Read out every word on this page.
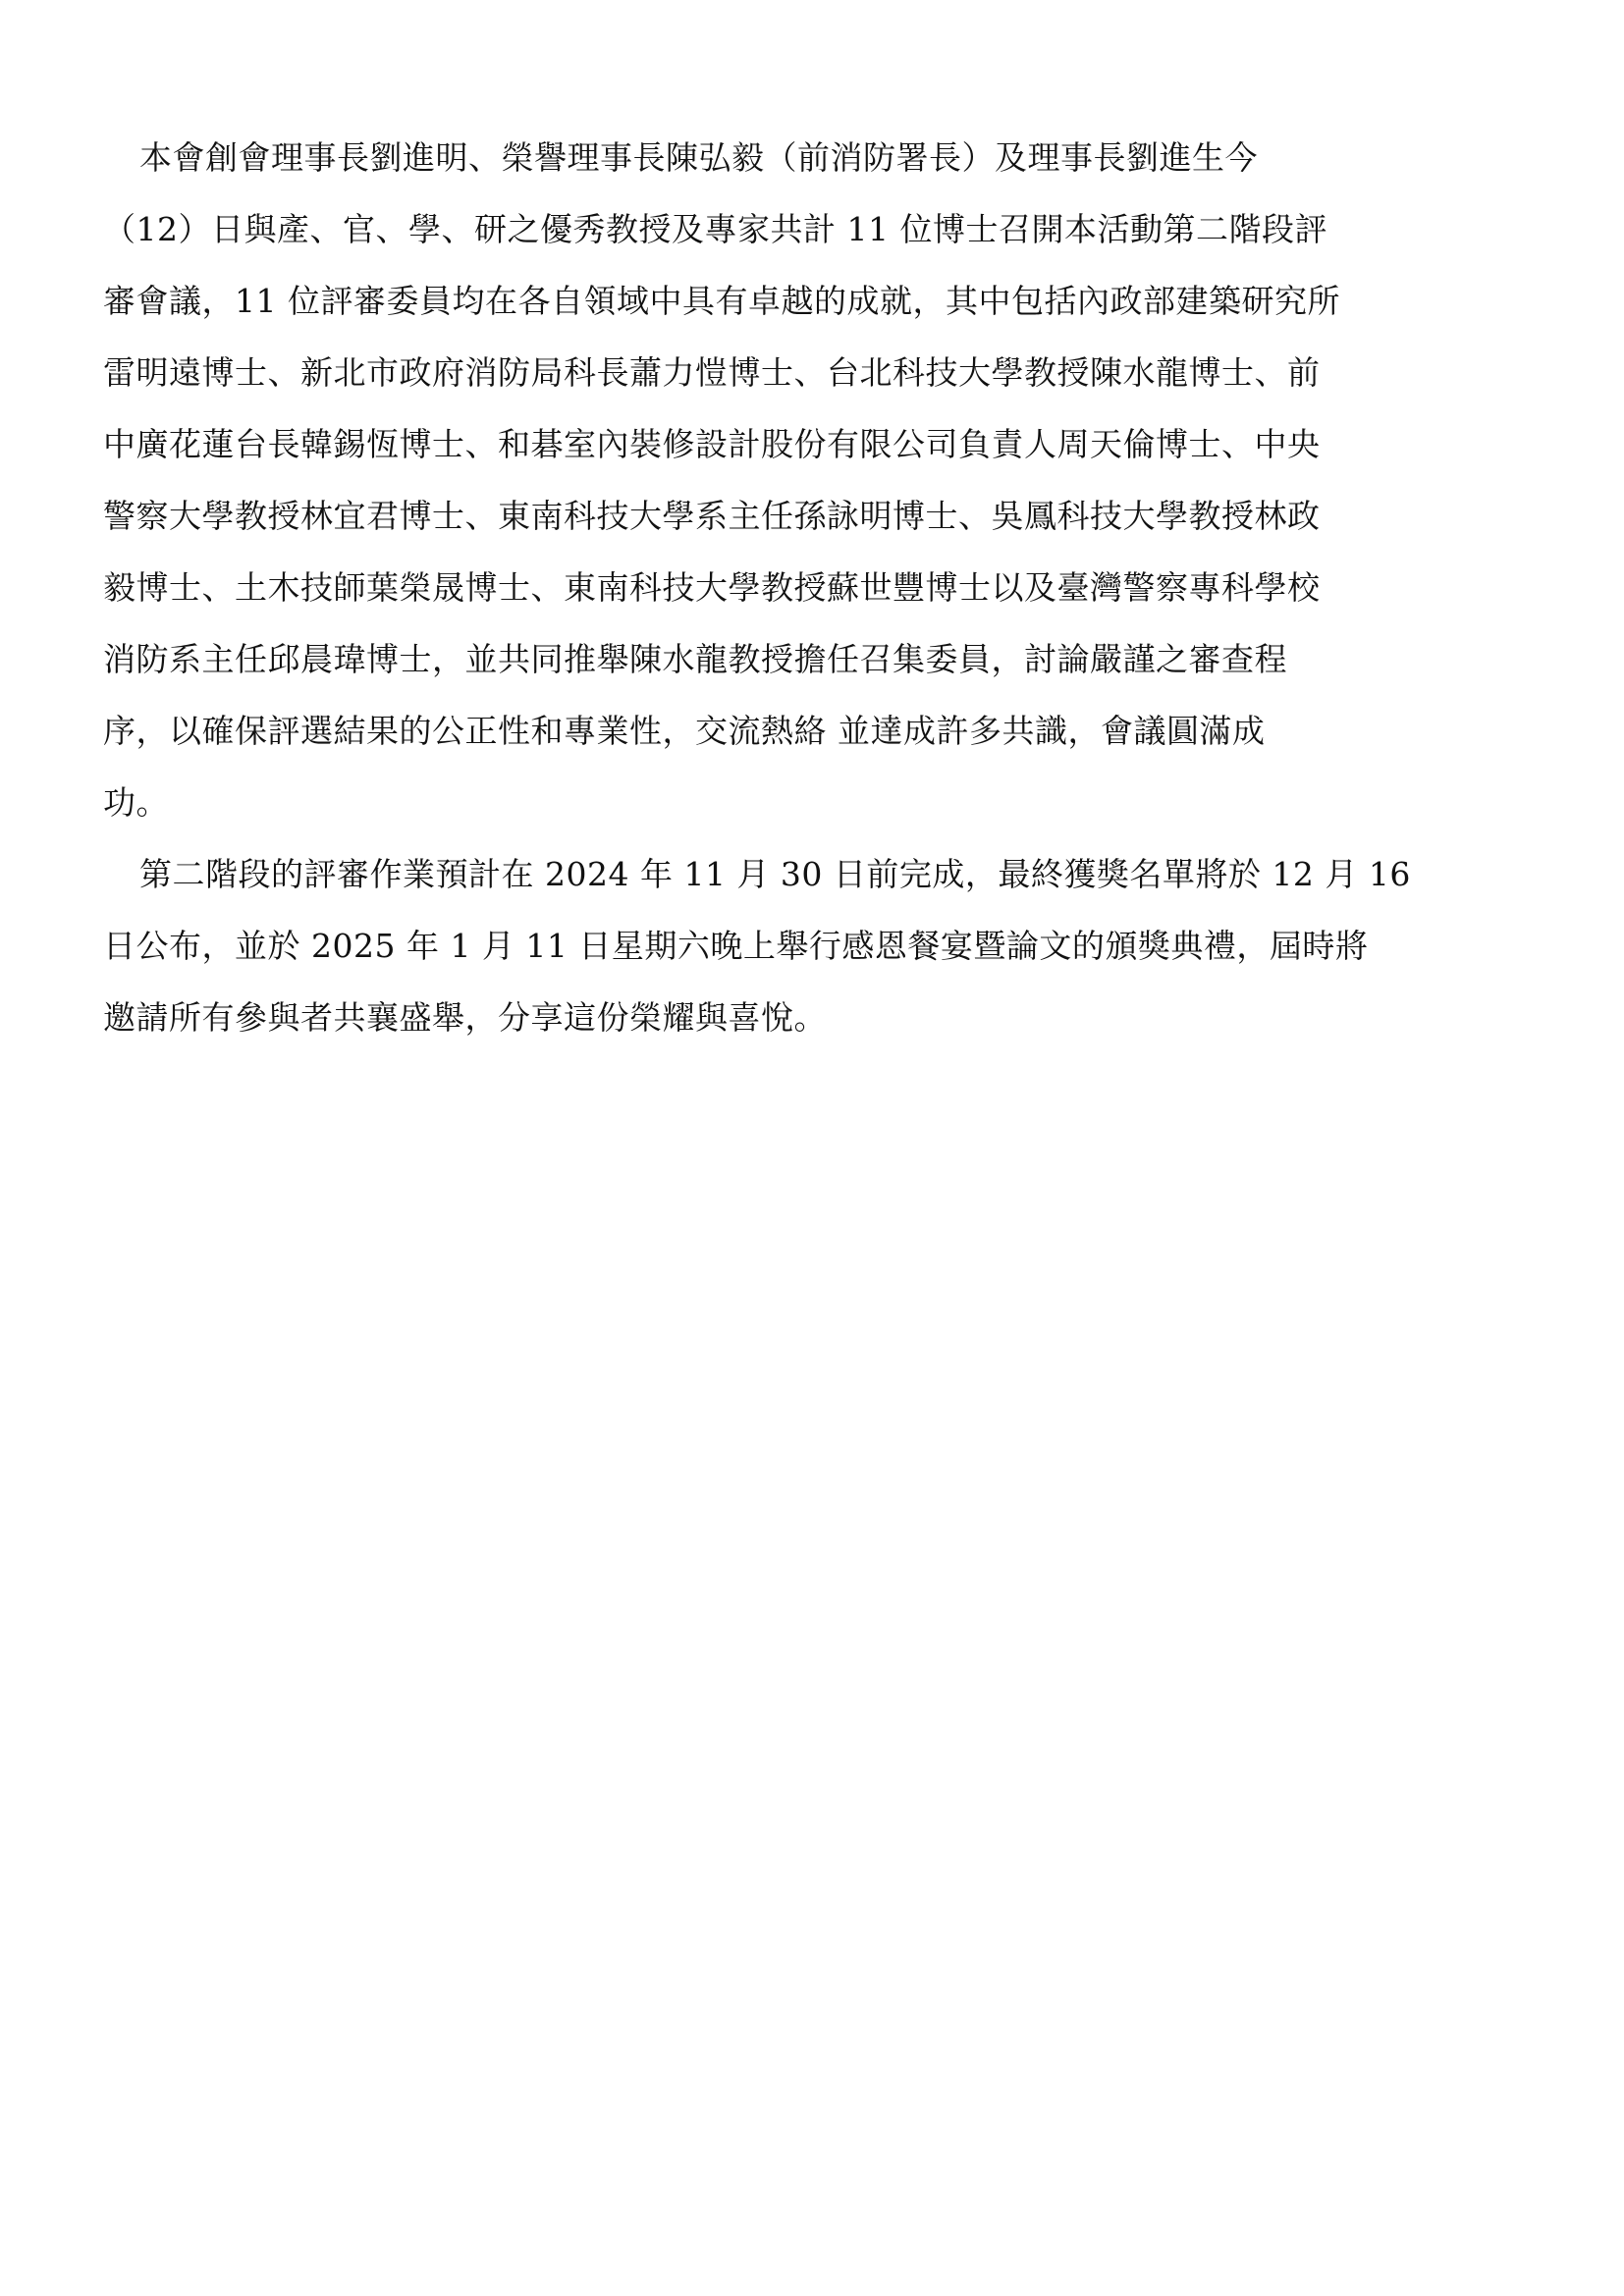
本會創會理事長劉進明、榮譽理事長陳弘毅（前消防署長）及理事長劉進生今
（12）日與產、官、學、研之優秀教授及專家共計 11 位博士召開本活動第二階段評
審會議，11 位評審委員均在各自領域中具有卓越的成就，其中包括內政部建築研究所
雷明遠博士、新北市政府消防局科長蕭力愷博士、台北科技大學教授陳水龍博士、前
中廣花蓮台長韓錫恆博士、和碁室內裝修設計股份有限公司負責人周天倫博士、中央
警察大學教授林宜君博士、東南科技大學系主任孫詠明博士、吳鳳科技大學教授林政
毅博士、土木技師葉榮晟博士、東南科技大學教授蘇世豐博士以及臺灣警察專科學校
消防系主任邱晨瑋博士，並共同推舉陳水龍教授擔任召集委員，討論嚴謹之審查程
序，以確保評選結果的公正性和專業性，交流熱絡 並達成許多共識，會議圓滿成
功。

第二階段的評審作業預計在 2024 年 11 月 30 日前完成，最終獲獎名單將於 12 月 16
日公布，並於 2025 年 1 月 11 日星期六晚上舉行感恩餐宴暨論文的頒獎典禮，屆時將
邀請所有參與者共襄盛舉，分享這份榮耀與喜悅。
